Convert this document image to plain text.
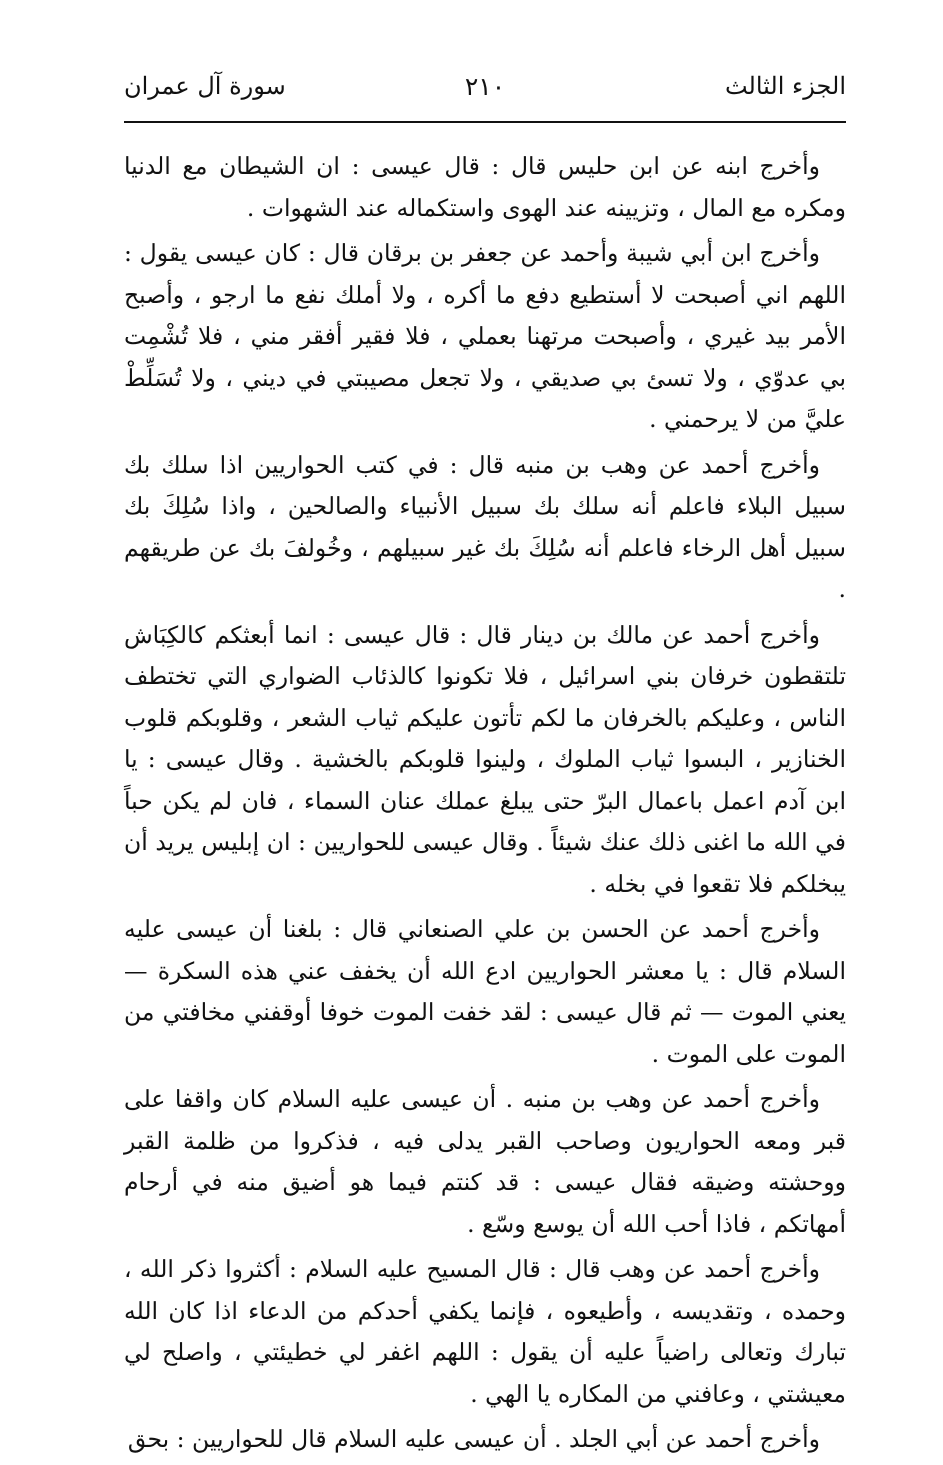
الجزء الثالث
٢١٠
سورة آل عمران

وأخرج ابنه عن ابن حليس قال : قال عيسى : ان الشيطان مع الدنيا ومكره مع المال ، وتزيينه عند الهوى واستكماله عند الشهوات .

وأخرج ابن أبي شيبة وأحمد عن جعفر بن برقان قال : كان عيسى يقول : اللهم اني أصبحت لا أستطيع دفع ما أكره ، ولا أملك نفع ما ارجو ، وأصبح الأمر بيد غيري ، وأصبحت مرتهنا بعملي ، فلا فقير أفقر مني ، فلا تُشْمِت بي عدوّي ، ولا تسئ بي صديقي ، ولا تجعل مصيبتي في ديني ، ولا تُسَلِّطْ عليَّ من لا يرحمني .

وأخرج أحمد عن وهب بن منبه قال : في كتب الحواريين اذا سلك بك سبيل البلاء فاعلم أنه سلك بك سبيل الأنبياء والصالحين ، واذا سُلِكَ بك سبيل أهل الرخاء فاعلم أنه سُلِكَ بك غير سبيلهم ، وخُولفَ بك عن طريقهم .

وأخرج أحمد عن مالك بن دينار قال : قال عيسى : انما أبعثكم كالكِبَاش تلتقطون خرفان بني اسرائيل ، فلا تكونوا كالذئاب الضواري التي تختطف الناس ، وعليكم بالخرفان ما لكم تأتون عليكم ثياب الشعر ، وقلوبكم قلوب الخنازير ، البسوا ثياب الملوك ، ولينوا قلوبكم بالخشية . وقال عيسى : يا ابن آدم اعمل باعمال البرّ حتى يبلغ عملك عنان السماء ، فان لم يكن حباً في الله ما اغنى ذلك عنك شيئاً . وقال عيسى للحواريين : ان إبليس يريد أن يبخلكم فلا تقعوا في بخله .

وأخرج أحمد عن الحسن بن علي الصنعاني قال : بلغنا أن عيسى عليه السلام قال : يا معشر الحواريين ادع الله أن يخفف عني هذه السكرة — يعني الموت — ثم قال عيسى : لقد خفت الموت خوفا أوقفني مخافتي من الموت على الموت .

وأخرج أحمد عن وهب بن منبه . أن عيسى عليه السلام كان واقفا على قبر ومعه الحواريون وصاحب القبر يدلى فيه ، فذكروا من ظلمة القبر ووحشته وضيقه فقال عيسى : قد كنتم فيما هو أضيق منه في أرحام أمهاتكم ، فاذا أحب الله أن يوسع وسّع .

وأخرج أحمد عن وهب قال : قال المسيح عليه السلام : أكثروا ذكر الله ، وحمده ، وتقديسه ، وأطيعوه ، فإنما يكفي أحدكم من الدعاء اذا كان الله تبارك وتعالى راضياً عليه أن يقول : اللهم اغفر لي خطيئتي ، واصلح لي معيشتي ، وعافني من المكاره يا الهي .

وأخرج أحمد عن أبي الجلد . أن عيسى عليه السلام قال للحواريين : بحق
